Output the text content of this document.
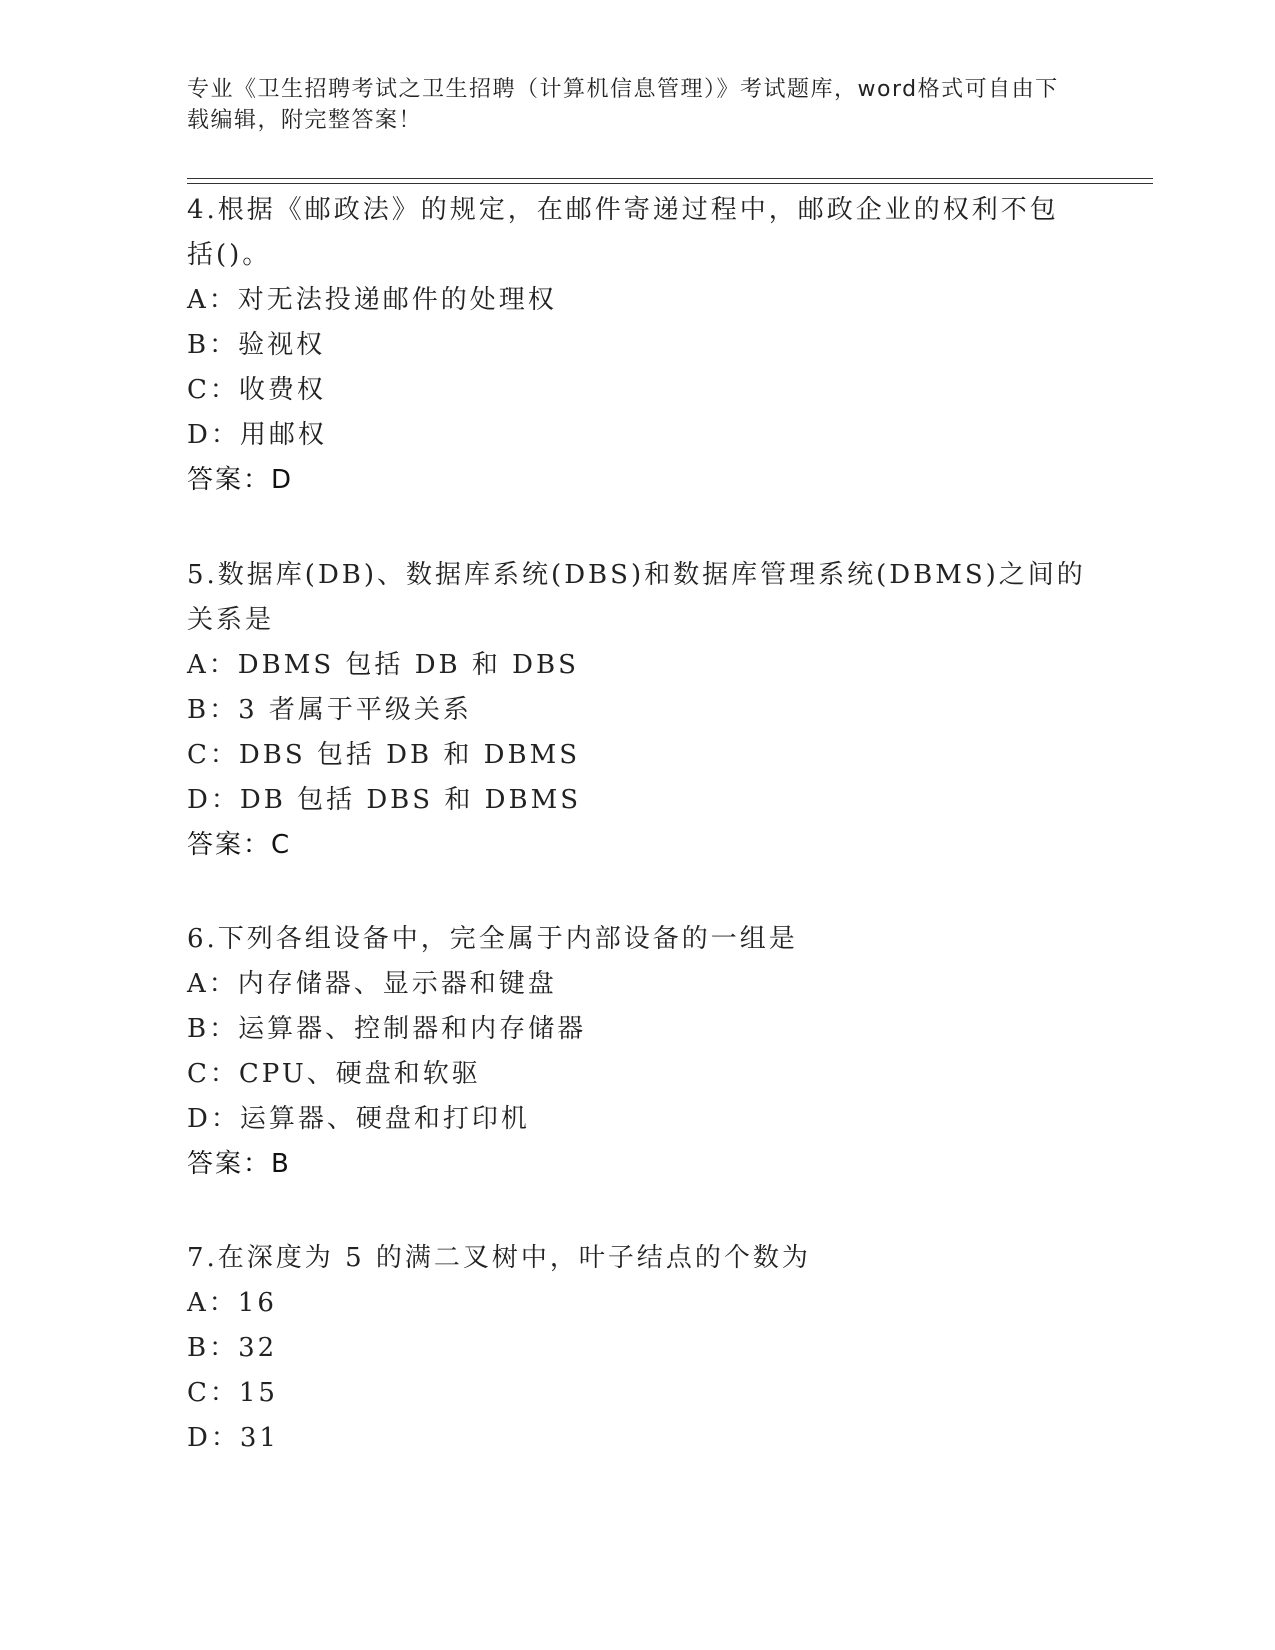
专业《卫生招聘考试之卫生招聘（计算机信息管理）》考试题库，word格式可自由下载编辑，附完整答案！

4.根据《邮政法》的规定，在邮件寄递过程中，邮政企业的权利不包括()。

A：对无法投递邮件的处理权

B：验视权

C：收费权

D：用邮权

答案：D

5.数据库(DB)、数据库系统(DBS)和数据库管理系统(DBMS)之间的关系是

A：DBMS 包括 DB 和 DBS

B：3 者属于平级关系

C：DBS 包括 DB 和 DBMS

D：DB 包括 DBS 和 DBMS

答案：C

6.下列各组设备中，完全属于内部设备的一组是

A：内存储器、显示器和键盘

B：运算器、控制器和内存储器

C：CPU、硬盘和软驱

D：运算器、硬盘和打印机

答案：B

7.在深度为 5 的满二叉树中，叶子结点的个数为

A：16

B：32

C：15

D：31
